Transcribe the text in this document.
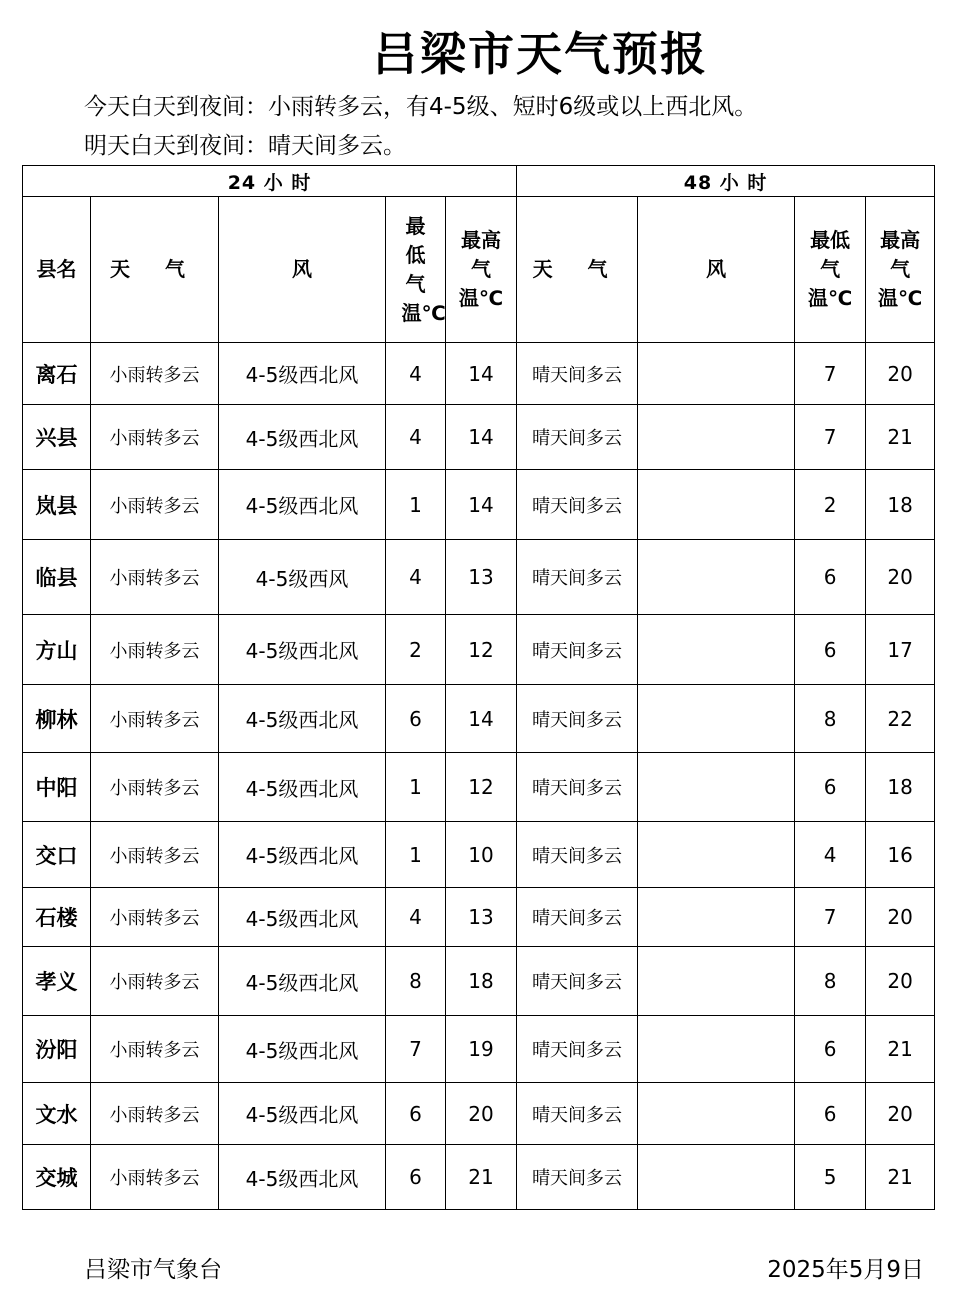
吕梁市天气预报
今天白天到夜间：小雨转多云，有4-5级、短时6级或以上西北风。
明天白天到夜间：晴天间多云。
24 小 时					48 小 时			
县名	天 气	风	最低气温℃	最高气温℃	天 气	风	最低气温℃	最高气温℃

离石	小雨转多云	4-5级西北风	4	14	晴天间多云		7	20
兴县	小雨转多云	4-5级西北风	4	14	晴天间多云		7	21
岚县	小雨转多云	4-5级西北风	1	14	晴天间多云		2	18
临县	小雨转多云	4-5级西风	4	13	晴天间多云		6	20
方山	小雨转多云	4-5级西北风	2	12	晴天间多云		6	17
柳林	小雨转多云	4-5级西北风	6	14	晴天间多云		8	22
中阳	小雨转多云	4-5级西北风	1	12	晴天间多云		6	18
交口	小雨转多云	4-5级西北风	1	10	晴天间多云		4	16
石楼	小雨转多云	4-5级西北风	4	13	晴天间多云		7	20
孝义	小雨转多云	4-5级西北风	8	18	晴天间多云		8	20
汾阳	小雨转多云	4-5级西北风	7	19	晴天间多云		6	21
文水	小雨转多云	4-5级西北风	6	20	晴天间多云		6	20
交城	小雨转多云	4-5级西北风	6	21	晴天间多云		5	21
吕梁市气象台	2025年5月9日
